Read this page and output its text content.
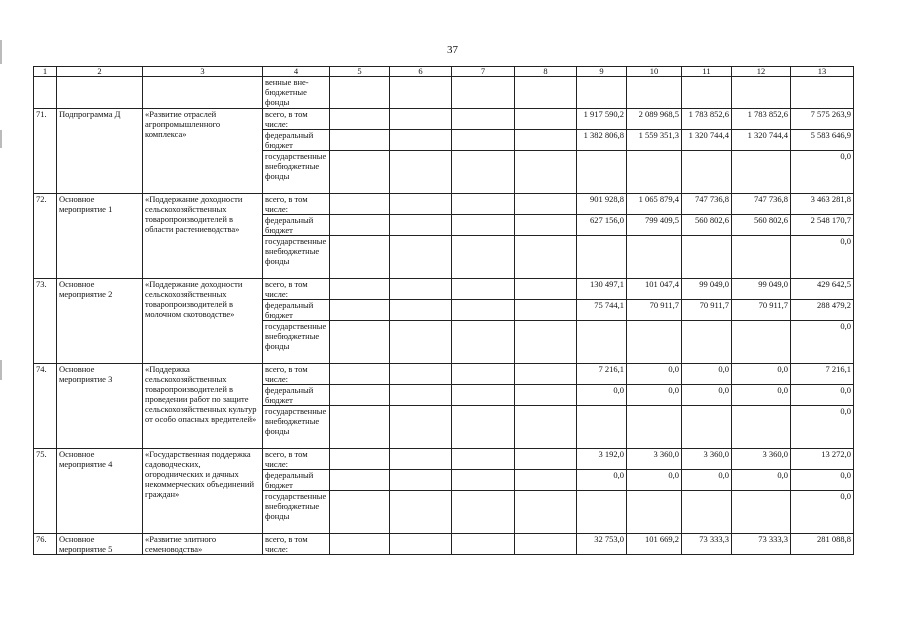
37
1	2	3	4	5	6	7	8	9	10	11	12	13
			венные вне-бюджетные фонды									
71.	Подпрограмма Д	«Развитие отраслей агропромышленного комплекса»	всего, в том числе:					1 917 590,2	2 089 968,5	1 783 852,6	1 783 852,6	7 575 263,9
			федеральный бюджет					1 382 806,8	1 559 351,3	1 320 744,4	1 320 744,4	5 583 646,9
			государственные внебюджетные фонды									0,0
72.	Основное мероприятие 1	«Поддержание доходности сельскохозяйственных товаропроизводителей в области растениеводства»	всего, в том числе:					901 928,8	1 065 879,4	747 736,8	747 736,8	3 463 281,8
			федеральный бюджет					627 156,0	799 409,5	560 802,6	560 802,6	2 548 170,7
			государственные внебюджетные фонды									0,0
73.	Основное мероприятие 2	«Поддержание доходности сельскохозяйственных товаропроизводителей в молочном скотоводстве»	всего, в том числе:					130 497,1	101 047,4	99 049,0	99 049,0	429 642,5
			федеральный бюджет					75 744,1	70 911,7	70 911,7	70 911,7	288 479,2
			государственные внебюджетные фонды									0,0
74.	Основное мероприятие 3	«Поддержка сельскохозяйственных товаропроизводителей в проведении работ по защите сельскохозяйственных культур от особо опасных вредителей»	всего, в том числе:					7 216,1	0,0	0,0	0,0	7 216,1
			федеральный бюджет					0,0	0,0	0,0	0,0	0,0
			государственные внебюджетные фонды									0,0
75.	Основное мероприятие 4	«Государственная поддержка садоводческих, огороднических и дачных некоммерческих объединений граждан»	всего, в том числе:					3 192,0	3 360,0	3 360,0	3 360,0	13 272,0
			федеральный бюджет					0,0	0,0	0,0	0,0	0,0
			государственные внебюджетные фонды									0,0
76.	Основное мероприятие 5	«Развитие элитного семеноводства»	всего, в том числе:					32 753,0	101 669,2	73 333,3	73 333,3	281 088,8
